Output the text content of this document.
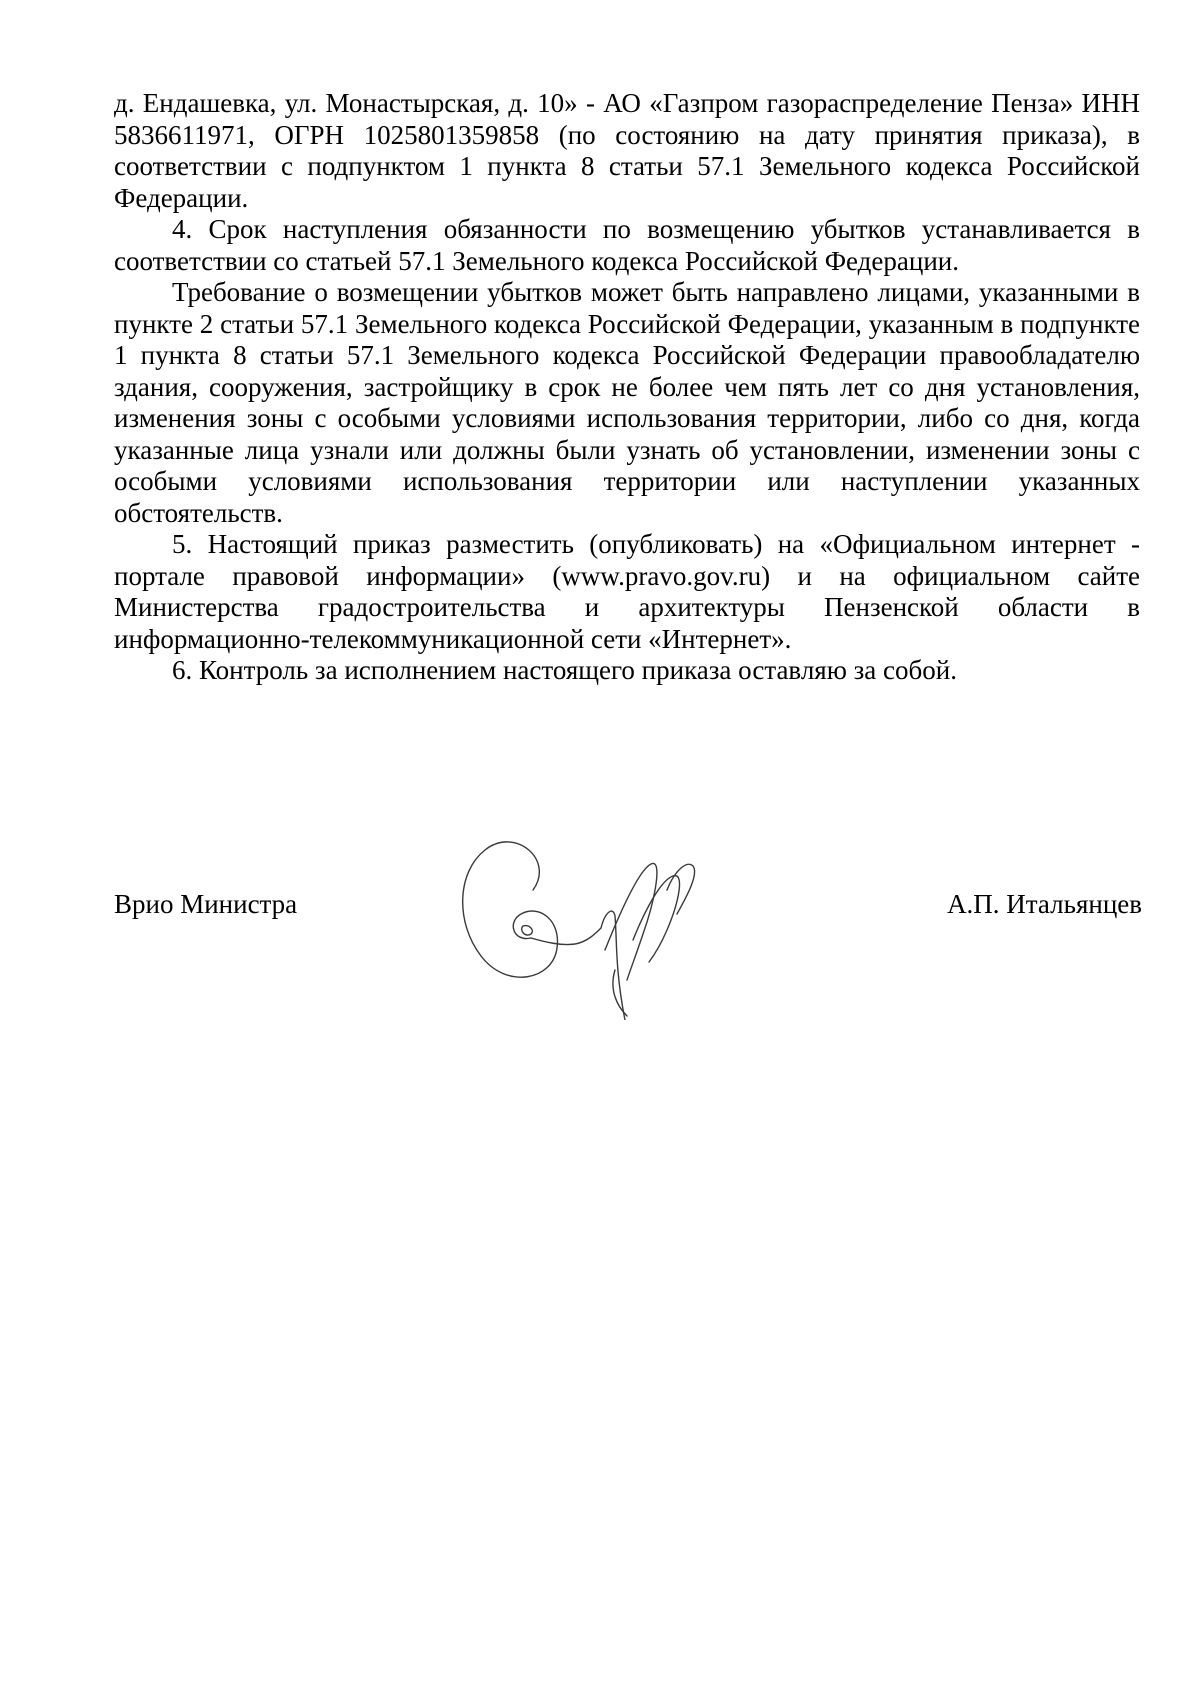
д. Ендашевка, ул. Монастырская, д. 10» - АО «Газпром газораспределение Пенза» ИНН 5836611971, ОГРН 1025801359858 (по состоянию на дату принятия приказа), в соответствии с подпунктом 1 пункта 8 статьи 57.1 Земельного кодекса Российской Федерации.

4. Срок наступления обязанности по возмещению убытков устанавливается в соответствии со статьей 57.1 Земельного кодекса Российской Федерации.

Требование о возмещении убытков может быть направлено лицами, указанными в пункте 2 статьи 57.1 Земельного кодекса Российской Федерации, указанным в подпункте 1 пункта 8 статьи 57.1 Земельного кодекса Российской Федерации правообладателю здания, сооружения, застройщику в срок не более чем пять лет со дня установления, изменения зоны с особыми условиями использования территории, либо со дня, когда указанные лица узнали или должны были узнать об установлении, изменении зоны с особыми условиями использования территории или наступлении указанных обстоятельств.

5. Настоящий приказ разместить (опубликовать) на «Официальном интернет - портале правовой информации» (www.pravo.gov.ru) и на официальном сайте Министерства градостроительства и архитектуры Пензенской области в информационно-телекоммуникационной сети «Интернет».

6. Контроль за исполнением настоящего приказа оставляю за собой.

Врио Министра	А.П. Итальянцев
